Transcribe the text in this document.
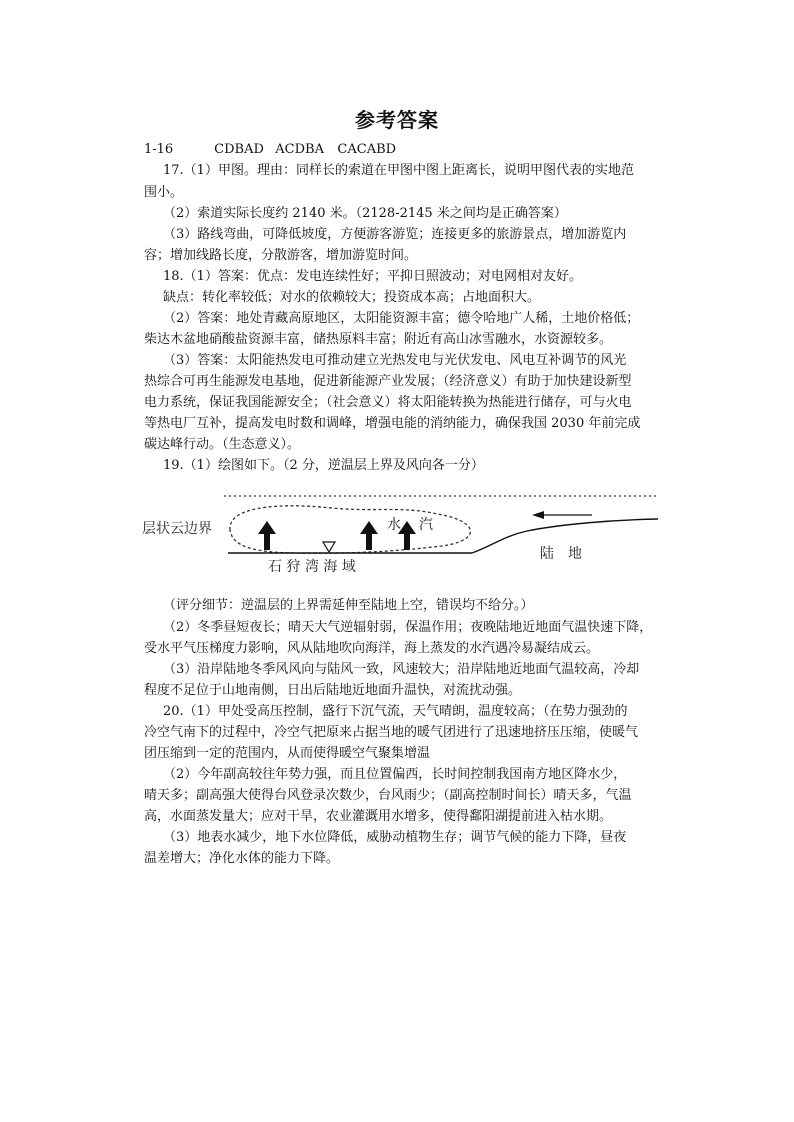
参考答案
1-16	CDBAD ACDBA CACABD
17.（1）甲图。理由：同样长的索道在甲图中图上距离长，说明甲图代表的实地范
围小。
（2）索道实际长度约 2140 米。（2128-2145 米之间均是正确答案）
（3）路线弯曲，可降低坡度，方便游客游览；连接更多的旅游景点，增加游览内
容；增加线路长度，分散游客，增加游览时间。
18.（1）答案：优点：发电连续性好；平抑日照波动；对电网相对友好。
缺点：转化率较低；对水的依赖较大；投资成本高；占地面积大。
（2）答案：地处青藏高原地区，太阳能资源丰富；德令哈地广人稀，土地价格低；
柴达木盆地硝酸盐资源丰富，储热原料丰富；附近有高山冰雪融水，水资源较多。
（3）答案：太阳能热发电可推动建立光热发电与光伏发电、风电互补调节的风光
热综合可再生能源发电基地，促进新能源产业发展；（经济意义）有助于加快建设新型
电力系统，保证我国能源安全；（社会意义）将太阳能转换为热能进行储存，可与火电
等热电厂互补，提高发电时数和调峰，增强电能的消纳能力，确保我国 2030 年前完成
碳达峰行动。（生态意义）。
19.（1）绘图如下。（2 分，逆温层上界及风向各一分）
层状云边界	水 汽
石 狩 湾 海 域
陆　地
（评分细节：逆温层的上界需延伸至陆地上空，错误均不给分。）
（2）冬季昼短夜长；晴天大气逆辐射弱，保温作用；夜晚陆地近地面气温快速下降，
受水平气压梯度力影响，风从陆地吹向海洋，海上蒸发的水汽遇冷易凝结成云。
（3）沿岸陆地冬季风风向与陆风一致，风速较大；沿岸陆地近地面气温较高，冷却
程度不足位于山地南侧，日出后陆地近地面升温快，对流扰动强。
20.（1）甲处受高压控制，盛行下沉气流，天气晴朗，温度较高；（在势力强劲的
冷空气南下的过程中，冷空气把原来占据当地的暖气团进行了迅速地挤压压缩，使暖气
团压缩到一定的范围内，从而使得暖空气聚集增温
（2）今年副高较往年势力强，而且位置偏西，长时间控制我国南方地区降水少，
晴天多；副高强大使得台风登录次数少，台风雨少；（副高控制时间长）晴天多，气温
高，水面蒸发量大；应对干旱，农业灌溉用水增多，使得鄱阳湖提前进入枯水期。
（3）地表水减少，地下水位降低，威胁动植物生存；调节气候的能力下降，昼夜
温差增大；净化水体的能力下降。
